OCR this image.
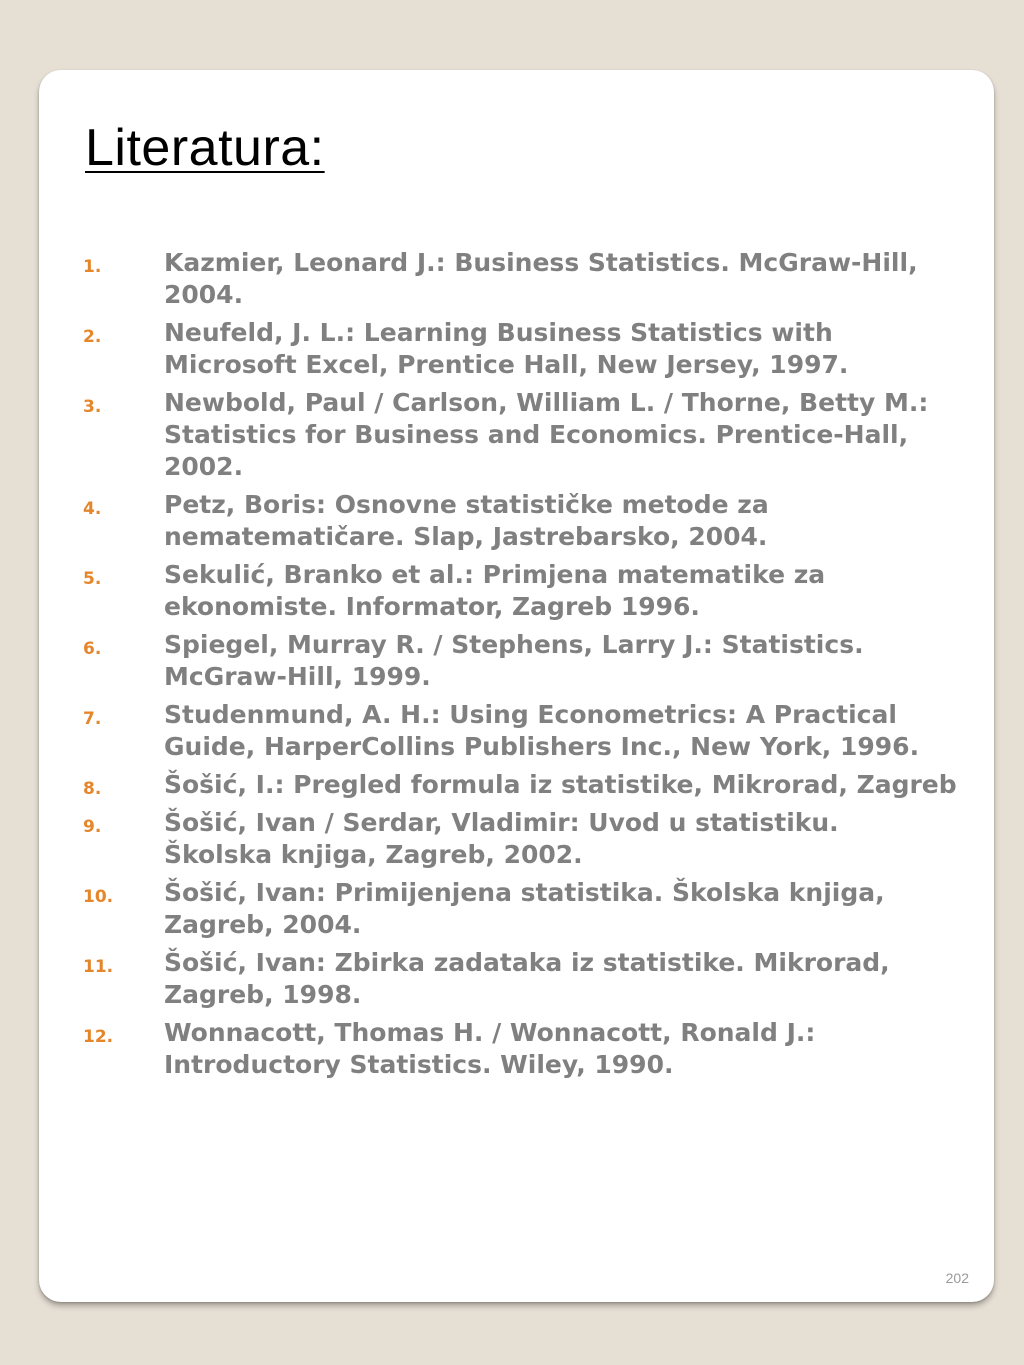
Literatura:
1.	Kazmier, Leonard J.: Business Statistics. McGraw-Hill,
2004.
2.	Neufeld, J. L.: Learning Business Statistics with
Microsoft Excel, Prentice Hall, New Jersey, 1997.
3.	Newbold, Paul / Carlson, William L. / Thorne, Betty M.:
Statistics for Business and Economics. Prentice-Hall,
2002.
4.	Petz, Boris: Osnovne statističke metode za
nematematičare. Slap, Jastrebarsko, 2004.
5.	Sekulić, Branko et al.: Primjena matematike za
ekonomiste. Informator, Zagreb 1996.
6.	Spiegel, Murray R. / Stephens, Larry J.: Statistics.
McGraw-Hill, 1999.
7.	Studenmund, A. H.: Using Econometrics: A Practical
Guide, HarperCollins Publishers Inc., New York, 1996.
8.	Šošić, I.: Pregled formula iz statistike, Mikrorad, Zagreb
9.	Šošić, Ivan / Serdar, Vladimir: Uvod u statistiku.
Školska knjiga, Zagreb, 2002.
10. Šošić, Ivan: Primijenjena statistika. Školska knjiga,
Zagreb, 2004.
11. Šošić, Ivan: Zbirka zadataka iz statistike. Mikrorad,
Zagreb, 1998.
12. Wonnacott, Thomas H. / Wonnacott, Ronald J.:
Introductory Statistics. Wiley, 1990.
202
